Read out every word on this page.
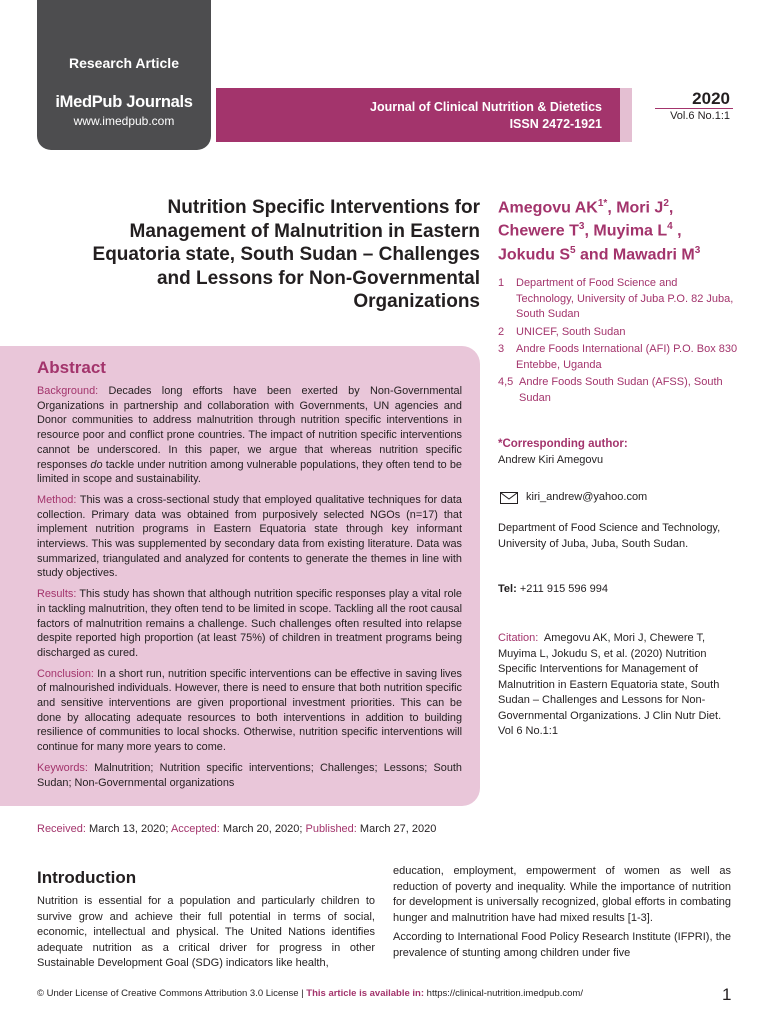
Research Article
iMedPub Journals
www.imedpub.com
Journal of Clinical Nutrition & Dietetics
ISSN 2472-1921
2020
Vol.6 No.1:1
Nutrition Specific Interventions for Management of Malnutrition in Eastern Equatoria state, South Sudan – Challenges and Lessons for Non-Governmental Organizations
Amegovu $AK^{1*}$, Mori $J^2$,
Chewere $T^3$, Muyima $L^4$ ,
Jokudu $S^5$ and Mawadri $M^3$
1	Department of Food Science and Technology, University of Juba P.O. 82 Juba, South Sudan
2	UNICEF, South Sudan
3	Andre Foods International (AFI) P.O. Box 830 Entebbe, Uganda
4,5 Andre Foods South Sudan (AFSS), South Sudan
*Corresponding author:
Andrew Kiri Amegovu
kiri_andrew@yahoo.com
Department of Food Science and Technology, University of Juba, Juba, South Sudan.
Tel: +211 915 596 994
Citation: Amegovu AK, Mori J, Chewere T, Muyima L, Jokudu S, et al. (2020) Nutrition Specific Interventions for Management of Malnutrition in Eastern Equatoria state, South Sudan – Challenges and Lessons for Non-Governmental Organizations. J Clin Nutr Diet. Vol 6 No.1:1
Abstract

Background: Decades long efforts have been exerted by Non-Governmental Organizations in partnership and collaboration with Governments, UN agencies and Donor communities to address malnutrition through nutrition specific interventions in resource poor and conflict prone countries. The impact of nutrition specific interventions cannot be underscored. In this paper, we argue that whereas nutrition specific responses do tackle under nutrition among vulnerable populations, they often tend to be limited in scope and sustainability.

Method: This was a cross-sectional study that employed qualitative techniques for data collection. Primary data was obtained from purposively selected NGOs (n=17) that implement nutrition programs in Eastern Equatoria state through key informant interviews. This was supplemented by secondary data from existing literature. Data was summarized, triangulated and analyzed for contents to generate the themes in line with study objectives.

Results: This study has shown that although nutrition specific responses play a vital role in tackling malnutrition, they often tend to be limited in scope. Tackling all the root causal factors of malnutrition remains a challenge. Such challenges often resulted into relapse despite reported high proportion (at least 75%) of children in treatment programs being discharged as cured.

Conclusion: In a short run, nutrition specific interventions can be effective in saving lives of malnourished individuals. However, there is need to ensure that both nutrition specific and sensitive interventions are given proportional investment priorities. This can be done by allocating adequate resources to both interventions in addition to building resilience of communities to local shocks. Otherwise, nutrition specific interventions will continue for many more years to come.

Keywords: Malnutrition; Nutrition specific interventions; Challenges; Lessons; South Sudan; Non-Governmental organizations

Received: March 13, 2020; Accepted: March 20, 2020; Published: March 27, 2020
Introduction

Nutrition is essential for a population and particularly children to survive grow and achieve their full potential in terms of social, economic, intellectual and physical. The United Nations identifies adequate nutrition as a critical driver for progress in other Sustainable Development Goal (SDG) indicators like health,

education, employment, empowerment of women as well as reduction of poverty and inequality. While the importance of nutrition for development is universally recognized, global efforts in combating hunger and malnutrition have had mixed results [1-3].

According to International Food Policy Research Institute (IFPRI), the prevalence of stunting among children under five

© Under License of Creative Commons Attribution 3.0 License | This article is available in: https://clinical-nutrition.imedpub.com/	1
